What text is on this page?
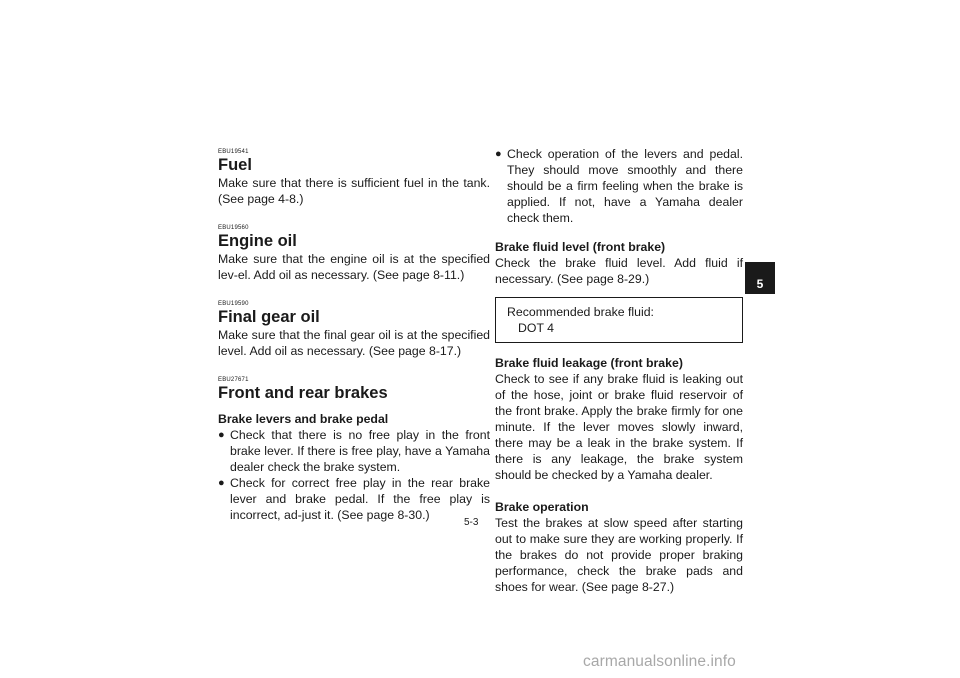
EBU19541
Fuel

Make sure that there is sufficient fuel in the tank. (See page 4-8.)

EBU19560
Engine oil

Make sure that the engine oil is at the specified lev-el. Add oil as necessary. (See page 8-11.)

EBU19590
Final gear oil

Make sure that the final gear oil is at the specified level. Add oil as necessary. (See page 8-17.)

EBU27671
Front and rear brakes

Brake levers and brake pedal

● Check that there is no free play in the front brake lever. If there is free play, have a Yamaha dealer check the brake system.

● Check for correct free play in the rear brake lever and brake pedal. If the free play is incorrect, ad-just it. (See page 8-30.)

● Check operation of the levers and pedal. They should move smoothly and there should be a firm feeling when the brake is applied. If not, have a Yamaha dealer check them.

Brake fluid level (front brake)

Check the brake fluid level. Add fluid if necessary. (See page 8-29.)

Recommended brake fluid:
DOT 4

Brake fluid leakage (front brake)

Check to see if any brake fluid is leaking out of the hose, joint or brake fluid reservoir of the front brake. Apply the brake firmly for one minute. If the lever moves slowly inward, there may be a leak in the brake system. If there is any leakage, the brake system should be checked by a Yamaha dealer.

Brake operation

Test the brakes at slow speed after starting out to make sure they are working properly. If the brakes do not provide proper braking performance, check the brake pads and shoes for wear. (See page 8-27.)

5
5-3
carmanualsonline.info
